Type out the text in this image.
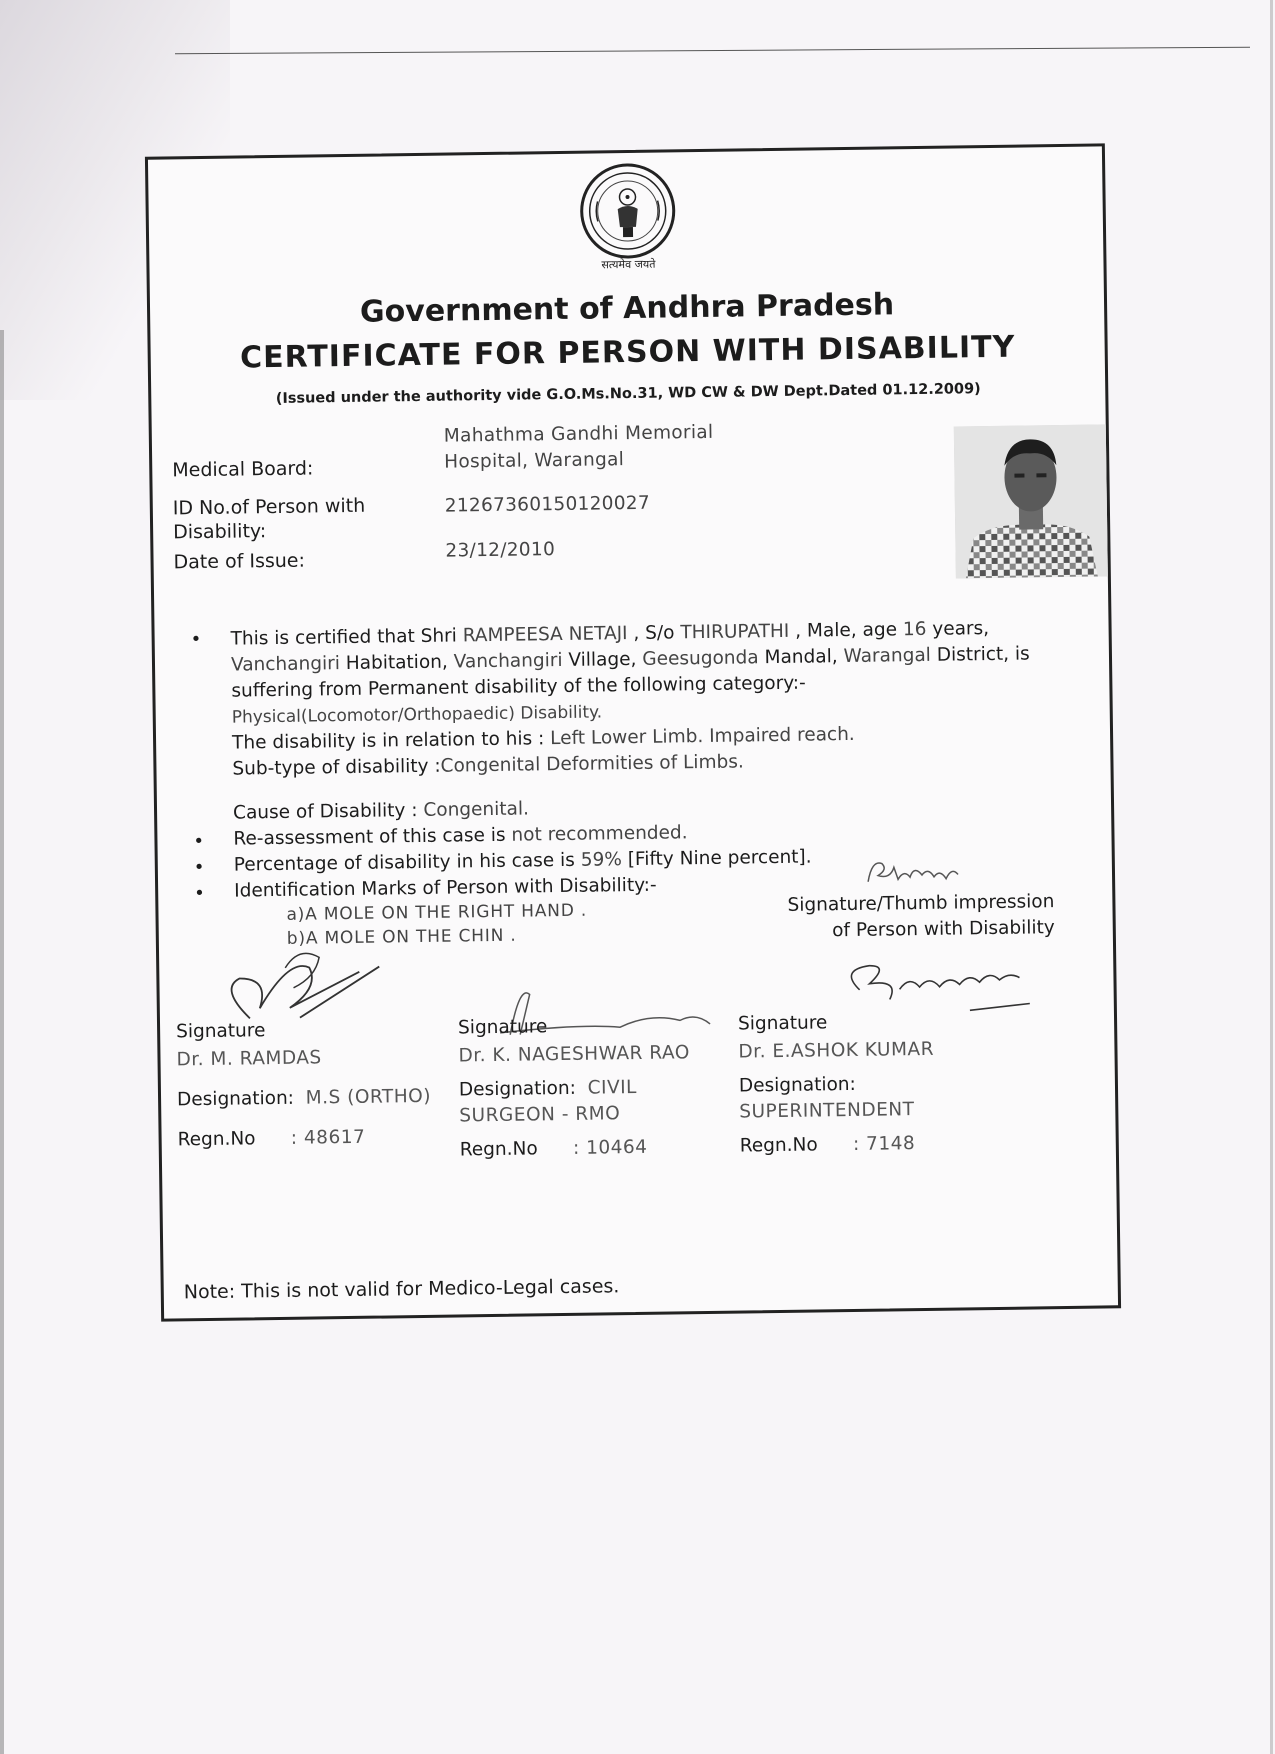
सत्यमेव जयते
Government of Andhra Pradesh
CERTIFICATE FOR PERSON WITH DISABILITY
(Issued under the authority vide G.O.Ms.No.31, WD CW & DW Dept.Dated 01.12.2009)
Medical Board:
Mahathma Gandhi Memorial
Hospital, Warangal
ID No.of Person with
Disability:
21267360150120027
Date of Issue:	23/12/2010
• This is certified that Shri RAMPEESA NETAJI , S/o THIRUPATHI , Male, age 16 years,
Vanchangiri Habitation, Vanchangiri Village, Geesugonda Mandal, Warangal District, is
suffering from Permanent disability of the following category:-
Physical(Locomotor/Orthopaedic) Disability.
The disability is in relation to his : Left Lower Limb. Impaired reach.
Sub-type of disability :Congenital Deformities of Limbs.
Cause of Disability : Congenital.
• Re-assessment of this case is not recommended.
• Percentage of disability in his case is 59% [Fifty Nine percent].
• Identification Marks of Person with Disability:-
a)A MOLE ON THE RIGHT HAND .
b)A MOLE ON THE CHIN .
Signature/Thumb impression
of Person with Disability
Signature
Dr. M. RAMDAS
Designation: M.S (ORTHO)
Regn.No : 48617
Signature
Dr. K. NAGESHWAR RAO
Designation: CIVIL
SURGEON - RMO
Regn.No : 10464
Signature
Dr. E.ASHOK KUMAR
Designation:
SUPERINTENDENT
Regn.No : 7148
Note: This is not valid for Medico-Legal cases.
